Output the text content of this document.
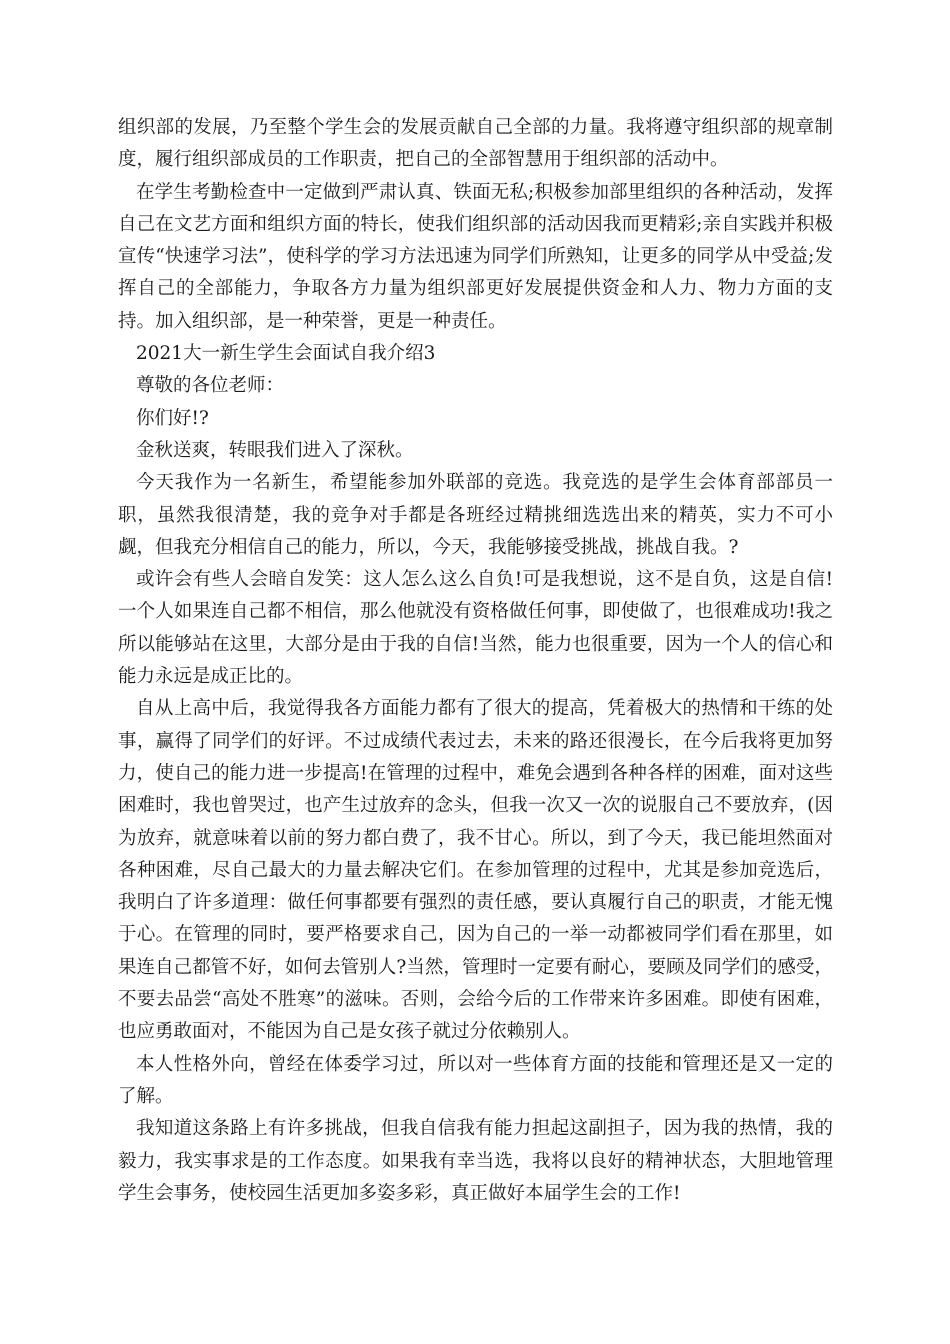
组织部的发展，乃至整个学生会的发展贡献自己全部的力量。我将遵守组织部的规章制度，履行组织部成员的工作职责，把自己的全部智慧用于组织部的活动中。

在学生考勤检查中一定做到严肃认真、铁面无私;积极参加部里组织的各种活动，发挥自己在文艺方面和组织方面的特长，使我们组织部的活动因我而更精彩;亲自实践并积极宣传“快速学习法”，使科学的学习方法迅速为同学们所熟知，让更多的同学从中受益;发挥自己的全部能力，争取各方力量为组织部更好发展提供资金和人力、物力方面的支持。加入组织部，是一种荣誉，更是一种责任。

2021大一新生学生会面试自我介绍3

尊敬的各位老师：

你们好!?

金秋送爽，转眼我们进入了深秋。

今天我作为一名新生，希望能参加外联部的竞选。我竞选的是学生会体育部部员一职，虽然我很清楚，我的竞争对手都是各班经过精挑细选选出来的精英，实力不可小觑，但我充分相信自己的能力，所以，今天，我能够接受挑战，挑战自我。?

或许会有些人会暗自发笑：这人怎么这么自负!可是我想说，这不是自负，这是自信!一个人如果连自己都不相信，那么他就没有资格做任何事，即使做了，也很难成功!我之所以能够站在这里，大部分是由于我的自信!当然，能力也很重要，因为一个人的信心和能力永远是成正比的。

自从上高中后，我觉得我各方面能力都有了很大的提高，凭着极大的热情和干练的处事，赢得了同学们的好评。不过成绩代表过去，未来的路还很漫长，在今后我将更加努力，使自己的能力进一步提高!在管理的过程中，难免会遇到各种各样的困难，面对这些困难时，我也曾哭过，也产生过放弃的念头，但我一次又一次的说服自己不要放弃，(因为放弃，就意味着以前的努力都白费了，我不甘心。所以，到了今天，我已能坦然面对各种困难，尽自己最大的力量去解决它们。在参加管理的过程中，尤其是参加竞选后，我明白了许多道理：做任何事都要有强烈的责任感，要认真履行自己的职责，才能无愧于心。在管理的同时，要严格要求自己，因为自己的一举一动都被同学们看在那里，如果连自己都管不好，如何去管别人?当然，管理时一定要有耐心，要顾及同学们的感受，不要去品尝“高处不胜寒”的滋味。否则，会给今后的工作带来许多困难。即使有困难，也应勇敢面对，不能因为自己是女孩子就过分依赖别人。

本人性格外向，曾经在体委学习过，所以对一些体育方面的技能和管理还是又一定的了解。

我知道这条路上有许多挑战，但我自信我有能力担起这副担子，因为我的热情，我的毅力，我实事求是的工作态度。如果我有幸当选，我将以良好的精神状态，大胆地管理学生会事务，使校园生活更加多姿多彩，真正做好本届学生会的工作!
